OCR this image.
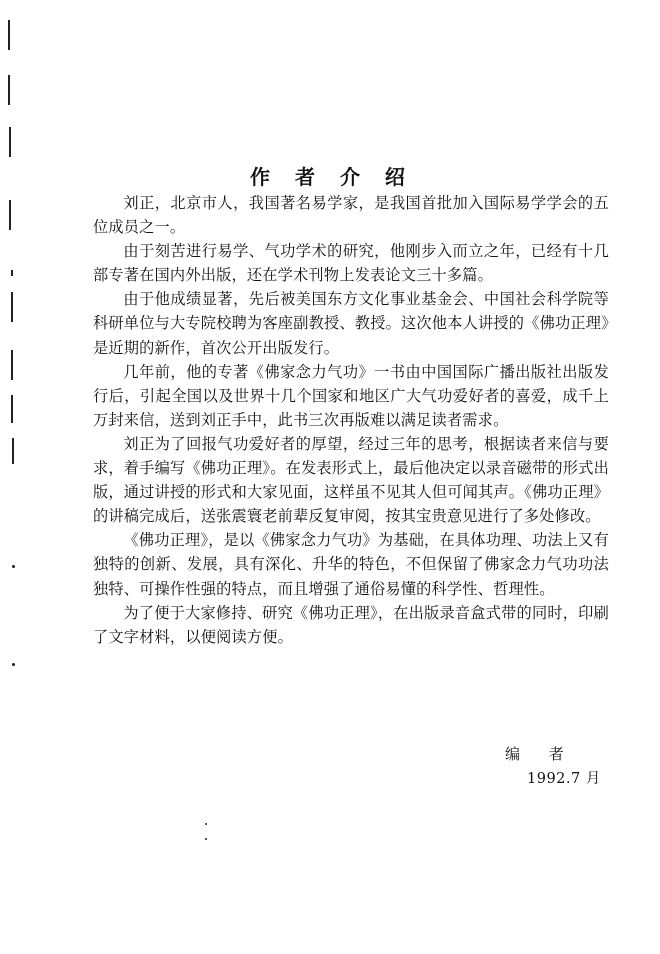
作 者 介 绍

刘正，北京市人，我国著名易学家，是我国首批加入国际易学学会的五位成员之一。

由于刻苦进行易学、气功学术的研究，他刚步入而立之年，已经有十几部专著在国内外出版，还在学术刊物上发表论文三十多篇。

由于他成绩显著，先后被美国东方文化事业基金会、中国社会科学院等科研单位与大专院校聘为客座副教授、教授。这次他本人讲授的《佛功正理》是近期的新作，首次公开出版发行。

几年前，他的专著《佛家念力气功》一书由中国国际广播出版社出版发行后，引起全国以及世界十几个国家和地区广大气功爱好者的喜爱，成千上万封来信，送到刘正手中，此书三次再版难以满足读者需求。

刘正为了回报气功爱好者的厚望，经过三年的思考，根据读者来信与要求，着手编写《佛功正理》。在发表形式上，最后他决定以录音磁带的形式出版，通过讲授的形式和大家见面，这样虽不见其人但可闻其声。《佛功正理》的讲稿完成后，送张震寰老前辈反复审阅，按其宝贵意见进行了多处修改。

《佛功正理》，是以《佛家念力气功》为基础，在具体功理、功法上又有独特的创新、发展，具有深化、升华的特色，不但保留了佛家念力气功功法独特、可操作性强的特点，而且增强了通俗易懂的科学性、哲理性。

为了便于大家修持、研究《佛功正理》，在出版录音盒式带的同时，印刷了文字材料，以便阅读方便。

编 者
1992.7 月
